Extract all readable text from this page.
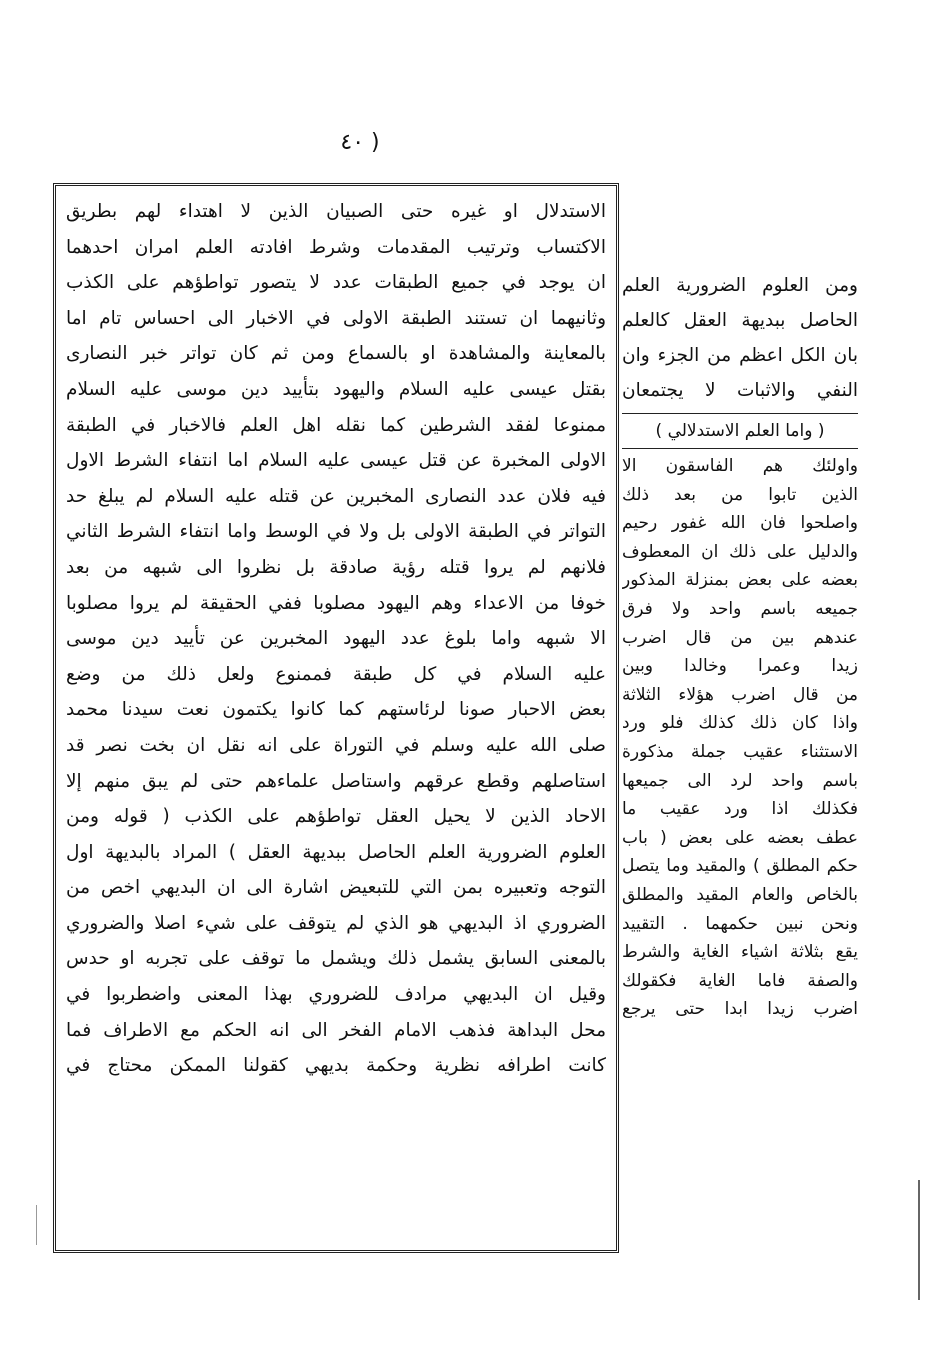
( ٤٠
الاستدلال او غيره حتى الصبيان الذين لا اهتداء لهم بطريق
الاكتساب وترتيب المقدمات وشرط افادته العلم امران احدهما
ان يوجد في جميع الطبقات عدد لا يتصور تواطؤهم على الكذب
وثانيهما ان تستند الطبقة الاولى في الاخبار الى احساس تام اما
بالمعاينة والمشاهدة او بالسماع ومن ثم كان تواتر خبر النصارى
بقتل عيسى عليه السلام واليهود بتأييد دين موسى عليه السلام
ممنوعا لفقد الشرطين كما نقله اهل العلم فالاخبار في الطبقة
الاولى المخبرة عن قتل عيسى عليه السلام اما انتفاء الشرط الاول
فيه فلان عدد النصارى المخبرين عن قتله عليه السلام لم يبلغ حد
التواتر في الطبقة الاولى بل ولا في الوسط واما انتفاء الشرط الثاني
فلانهم لم يروا قتله رؤية صادقة بل نظروا الى شبهه من بعد
خوفا من الاعداء وهم اليهود مصلوبا ففي الحقيقة لم يروا مصلوبا
الا شبهه واما بلوغ عدد اليهود المخبرين عن تأييد دين موسى
عليه السلام في كل طبقة فممنوع ولعل ذلك من وضع
بعض الاحبار صونا لرئاستهم كما كانوا يكتمون نعت سيدنا محمد
صلى الله عليه وسلم في التوراة على انه نقل ان بخت نصر قد
استاصلهم وقطع عرقهم واستاصل علماءهم حتى لم يبق منهم إلا
الاحاد الذين لا يحيل العقل تواطؤهم على الكذب ( قوله ومن
العلوم الضرورية العلم الحاصل ببديهة العقل ) المراد بالبديهة اول
التوجه وتعبيره بمن التي للتبعيض اشارة الى ان البديهي اخص من
الضروري اذ البديهي هو الذي لم يتوقف على شيء اصلا والضروري
بالمعنى السابق يشمل ذلك ويشمل ما توقف على تجربه او حدس
وقيل ان البديهي مرادف للضروري بهذا المعنى واضطربوا في
محل البداهة فذهب الامام الفخر الى انه الحكم مع الاطراف فما
كانت اطرافه نظرية وحكمة بديهي كقولنا الممكن محتاج في
ومن العلوم الضرورية العلم
الحاصل ببديهة العقل كالعلم
بان الكل اعظم من الجزء وان
النفي والاثبات لا يجتمعان
( واما العلم الاستدلالي )
واولئك هم الفاسقون الا
الذين تابوا من بعد ذلك
واصلحوا فان الله غفور رحيم
والدليل على ذلك ان المعطوف
بعضه على بعض بمنزلة المذكور
جميعه باسم واحد ولا فرق
عندهم بين من قال اضرب
زيدا وعمرا وخالدا وبين
من قال اضرب هؤلاء الثلاثة
واذا كان ذلك كذلك فلو ورد
الاستثناء عقيب جملة مذكورة
باسم واحد لرد الى جميعها
فكذلك اذا ورد عقيب ما
عطف بعضه على بعض ( باب
حكم المطلق ) والمقيد وما يتصل
بالخاص والعام المقيد والمطلق
ونحن نبين حكمهما . التقييد
يقع بثلاثة اشياء الغاية والشرط
والصفة فاما الغاية فكقولك
اضرب زيدا ابدا حتى يرجع
